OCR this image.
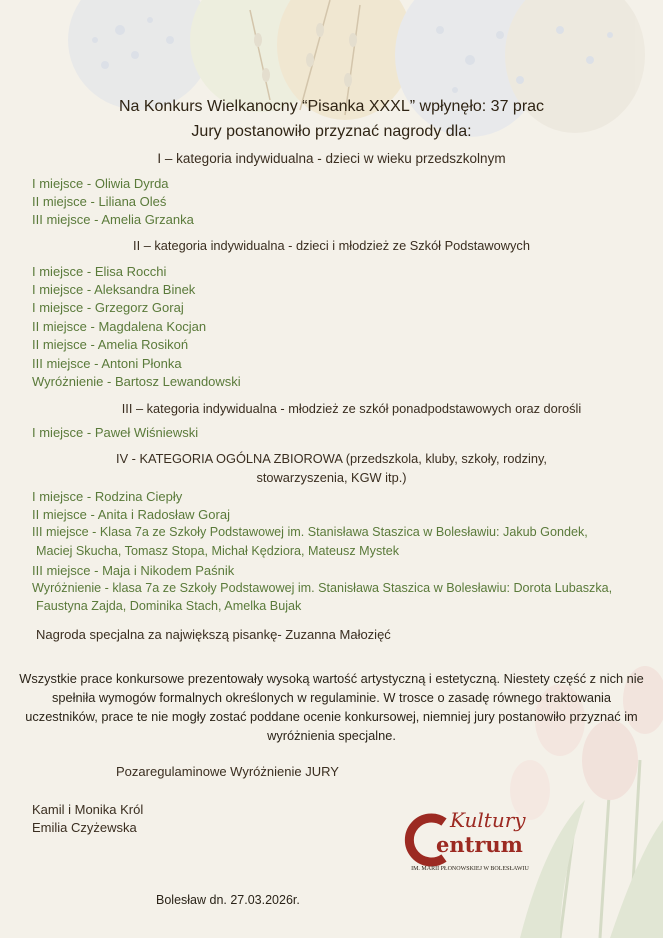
Na Konkurs Wielkanocny “Pisanka XXXL” wpłynęło: 37 prac
Jury postanowiło przyznać nagrody dla:
I – kategoria indywidualna - dzieci w wieku przedszkolnym
I miejsce - Oliwia Dyrda
II miejsce - Liliana Oleś
III miejsce - Amelia Grzanka
II – kategoria indywidualna - dzieci i młodzież ze Szkół Podstawowych
I miejsce - Elisa Rocchi
I miejsce - Aleksandra Binek
I miejsce - Grzegorz Goraj
II miejsce - Magdalena Kocjan
II miejsce - Amelia Rosikoń
III miejsce - Antoni Płonka
Wyróżnienie - Bartosz Lewandowski
III – kategoria indywidualna - młodzież ze szkół ponadpodstawowych oraz dorośli
I miejsce - Paweł Wiśniewski
IV - KATEGORIA OGÓLNA ZBIOROWA (przedszkola, kluby, szkoły, rodziny,
stowarzyszenia, KGW itp.)
I miejsce - Rodzina Ciepły
II miejsce - Anita i Radosław Goraj
III miejsce - Klasa 7a ze Szkoły Podstawowej im. Stanisława Staszica w Bolesławiu: Jakub Gondek,
Maciej Skucha, Tomasz Stopa, Michał Kędziora, Mateusz Mystek
III miejsce - Maja i Nikodem Paśnik
Wyróżnienie - klasa 7a ze Szkoły Podstawowej im. Stanisława Staszica w Bolesławiu: Dorota Lubaszka,
Faustyna Zajda, Dominika Stach, Amelka Bujak
Nagroda specjalna za największą pisankę- Zuzanna Małozięć
Wszystkie prace konkursowe prezentowały wysoką wartość artystyczną i estetyczną. Niestety część z nich nie
spełniła wymogów formalnych określonych w regulaminie. W trosce o zasadę równego traktowania
uczestników, prace te nie mogły zostać poddane ocenie konkursowej, niemniej jury postanowiło przyznać im
wyróżnienia specjalne.
Pozaregulaminowe Wyróżnienie JURY
Kamil i Monika Król
Emilia Czyżewska	Kultury
entrum
IM. MARII PŁONOWSKIEJ W BOLESŁAWIU
Bolesław dn. 27.03.2026r.
